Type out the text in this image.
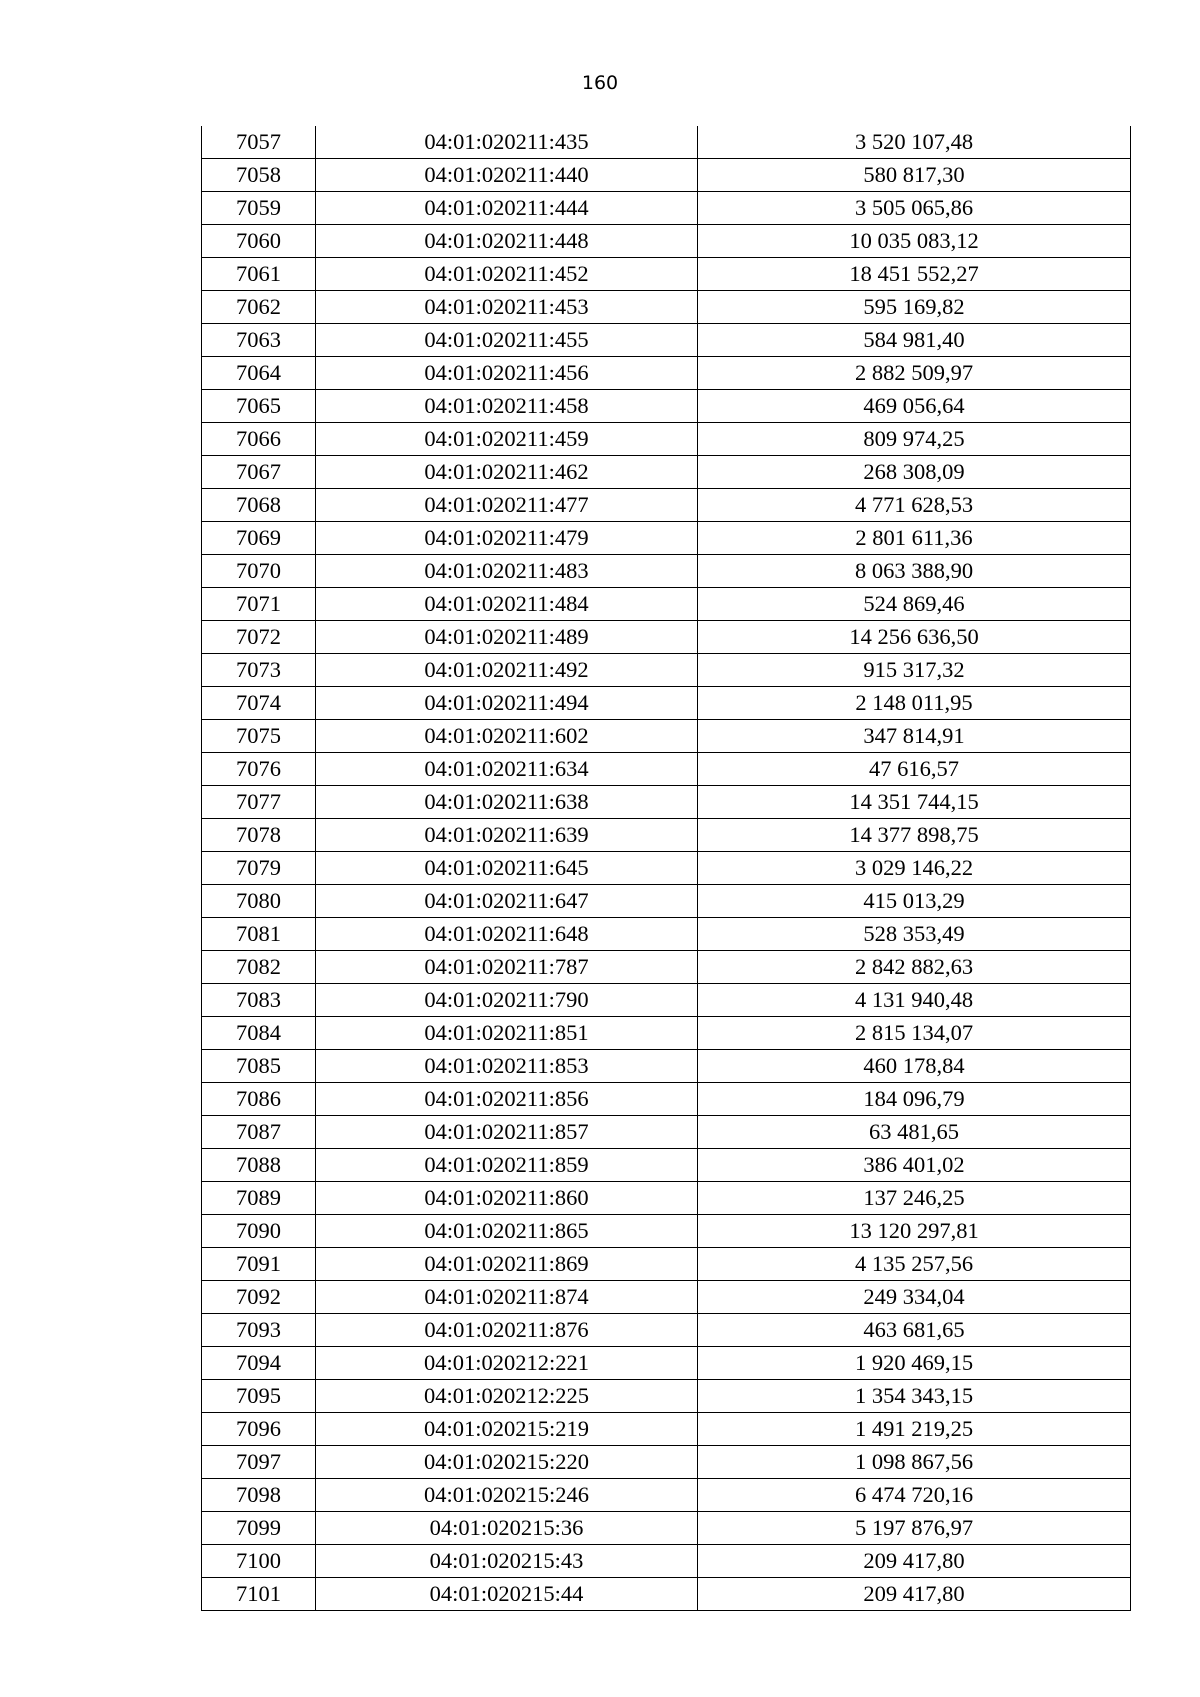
160
7057	04:01:020211:435	3 520 107,48
7058	04:01:020211:440	580 817,30
7059	04:01:020211:444	3 505 065,86
7060	04:01:020211:448	10 035 083,12
7061	04:01:020211:452	18 451 552,27
7062	04:01:020211:453	595 169,82
7063	04:01:020211:455	584 981,40
7064	04:01:020211:456	2 882 509,97
7065	04:01:020211:458	469 056,64
7066	04:01:020211:459	809 974,25
7067	04:01:020211:462	268 308,09
7068	04:01:020211:477	4 771 628,53
7069	04:01:020211:479	2 801 611,36
7070	04:01:020211:483	8 063 388,90
7071	04:01:020211:484	524 869,46
7072	04:01:020211:489	14 256 636,50
7073	04:01:020211:492	915 317,32
7074	04:01:020211:494	2 148 011,95
7075	04:01:020211:602	347 814,91
7076	04:01:020211:634	47 616,57
7077	04:01:020211:638	14 351 744,15
7078	04:01:020211:639	14 377 898,75
7079	04:01:020211:645	3 029 146,22
7080	04:01:020211:647	415 013,29
7081	04:01:020211:648	528 353,49
7082	04:01:020211:787	2 842 882,63
7083	04:01:020211:790	4 131 940,48
7084	04:01:020211:851	2 815 134,07
7085	04:01:020211:853	460 178,84
7086	04:01:020211:856	184 096,79
7087	04:01:020211:857	63 481,65
7088	04:01:020211:859	386 401,02
7089	04:01:020211:860	137 246,25
7090	04:01:020211:865	13 120 297,81
7091	04:01:020211:869	4 135 257,56
7092	04:01:020211:874	249 334,04
7093	04:01:020211:876	463 681,65
7094	04:01:020212:221	1 920 469,15
7095	04:01:020212:225	1 354 343,15
7096	04:01:020215:219	1 491 219,25
7097	04:01:020215:220	1 098 867,56
7098	04:01:020215:246	6 474 720,16
7099	04:01:020215:36	5 197 876,97
7100	04:01:020215:43	209 417,80
7101	04:01:020215:44	209 417,80
